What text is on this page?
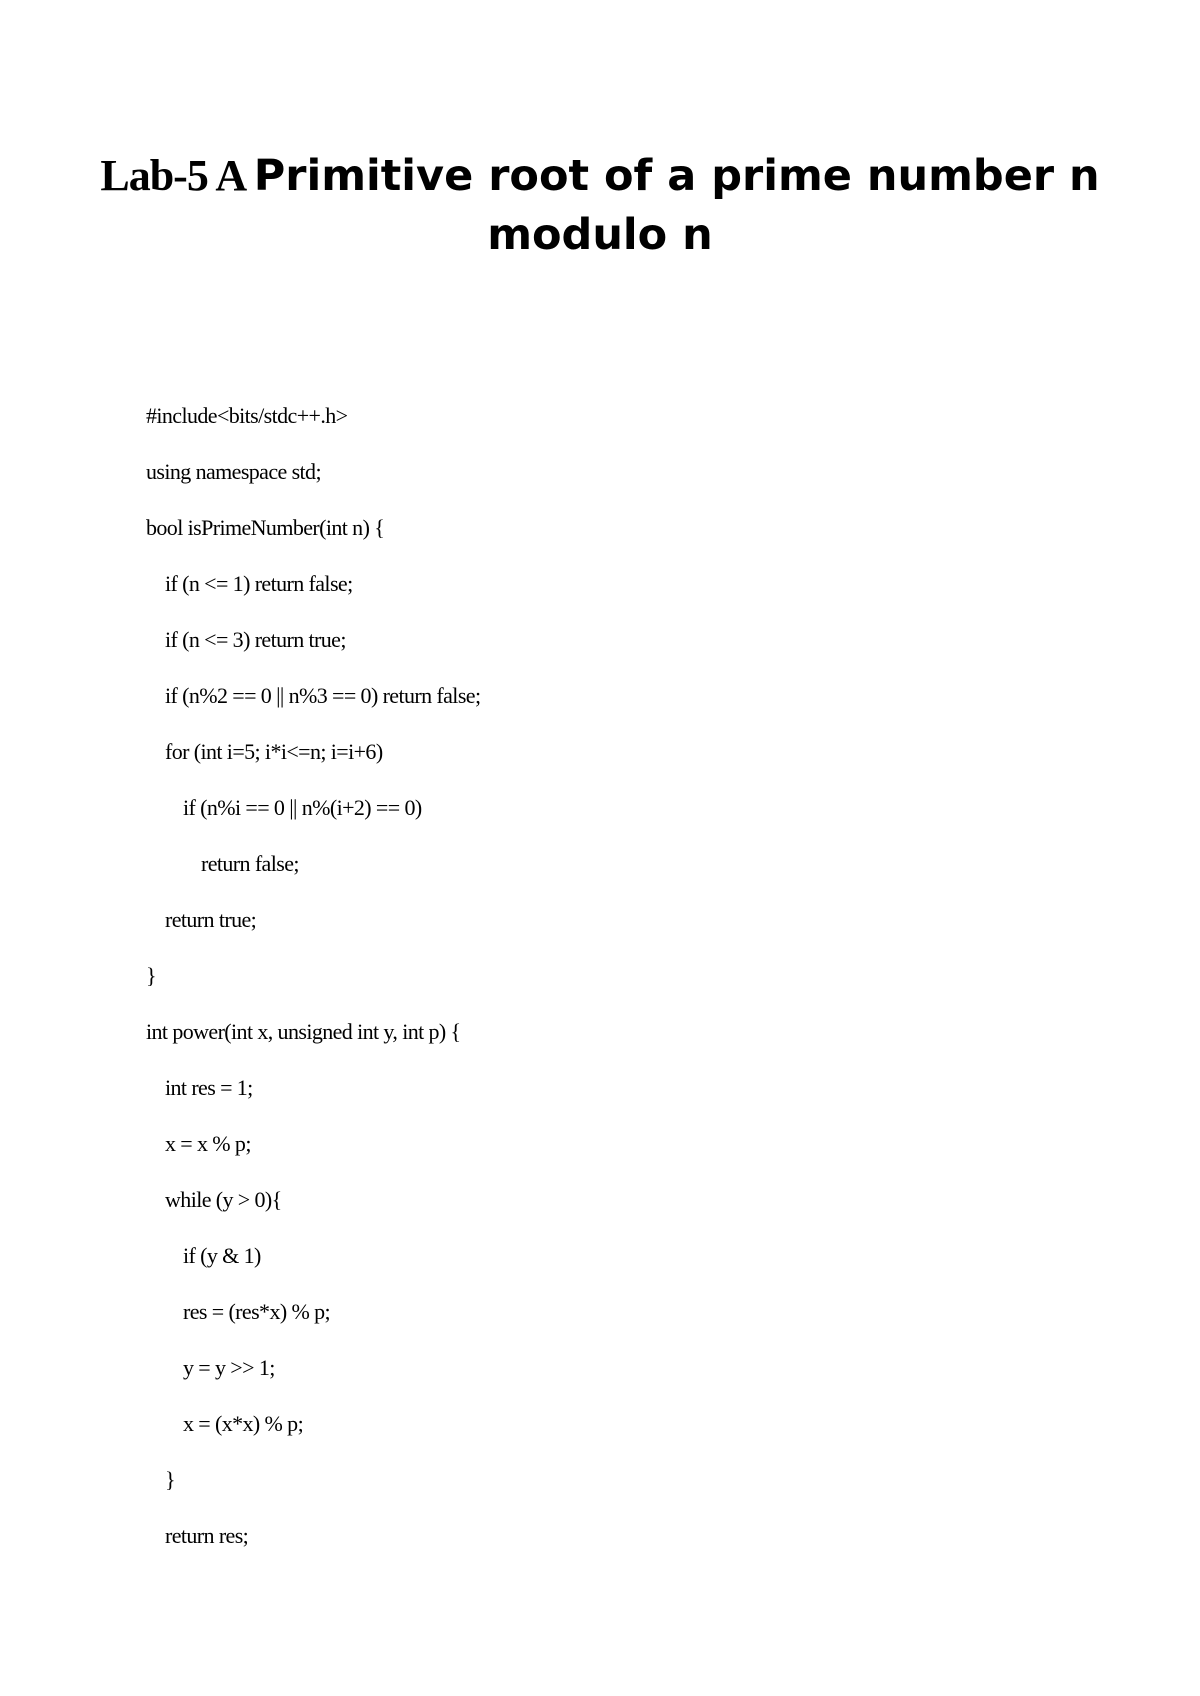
Lab-5 A Primitive root of a prime number n modulo n
#include<bits/stdc++.h>
using namespace std;
bool isPrimeNumber(int n) {
if (n <= 1) return false;
if (n <= 3) return true;
if (n%2 == 0 || n%3 == 0) return false;
for (int i=5; i*i<=n; i=i+6)
if (n%i == 0 || n%(i+2) == 0)
return false;
return true;
}
int power(int x, unsigned int y, int p) {
int res = 1;
x = x % p;
while (y > 0){
if (y & 1)
res = (res*x) % p;
y = y >> 1;
x = (x*x) % p;
}
return res;
